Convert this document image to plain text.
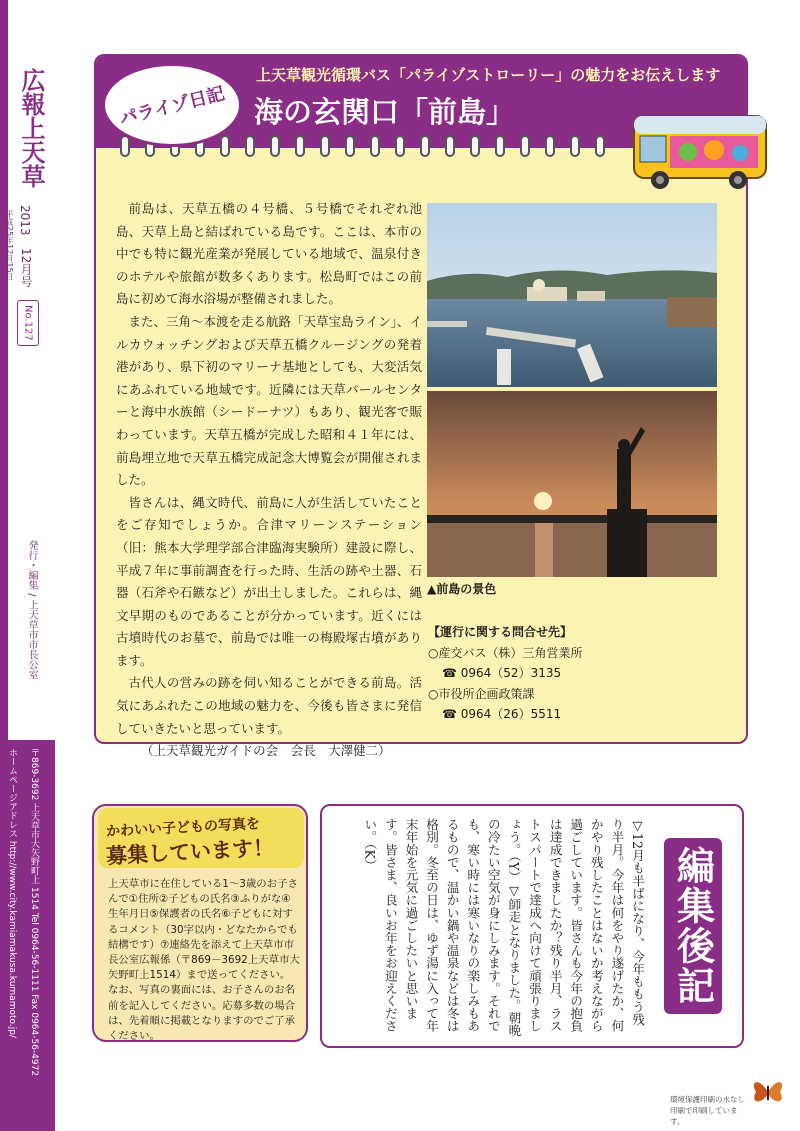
広報上天草
2013
12月号
平成25年12月15日
No.127
発行・編集 / 上天草市市長公室
〒869-3692 上天草市大矢野町上 1514 Tel 0964-56-1111 Fax 0964-56-4972
ホームページアドレス http://www.city.kamiamakusa.kumamoto.jp/
パライゾ日記
上天草観光循環バス「パライゾストローリー」の魅力をお伝えします
海の玄関口「前島」

前島は、天草五橋の４号橋、５号橋でそれぞれ池島、天草上島と結ばれている島です。ここは、本市の中でも特に観光産業が発展している地域で、温泉付きのホテルや旅館が数多くあります。松島町ではこの前島に初めて海水浴場が整備されました。

また、三角～本渡を走る航路「天草宝島ライン」、イルカウォッチングおよび天草五橋クルージングの発着港があり、県下初のマリーナ基地としても、大変活気にあふれている地域です。近隣には天草パールセンターと海中水族館（シードーナツ）もあり、観光客で賑わっています。天草五橋が完成した昭和４１年には、前島埋立地で天草五橋完成記念大博覧会が開催されました。

皆さんは、縄文時代、前島に人が生活していたことをご存知でしょうか。合津マリーンステーション（旧：熊本大学理学部合津臨海実験所）建設に際し、平成７年に事前調査を行った時、生活の跡や土器、石器（石斧や石鏃など）が出土しました。これらは、縄文早期のものであることが分かっています。近くには古墳時代のお墓で、前島では唯一の梅殿塚古墳があります。

古代人の営みの跡を伺い知ることができる前島。活気にあふれたこの地域の魅力を、今後も皆さまに発信していきたいと思っています。

（上天草観光ガイドの会　会長　大澤健二）

▲前島の景色
【運行に関する問合せ先】
○産交バス（株）三角営業所
☎ 0964（52）3135
○市役所企画政策課
☎ 0964（26）5511
かわいい子どもの写真を
募集しています！
上天草市に在住している1～3歳のお子さんで①住所②子どもの氏名③ふりがな④生年月日⑤保護者の氏名⑥子どもに対するコメント（30字以内・どなたからでも結構です）⑦連絡先を添えて上天草市市長公室広報係（〒869－3692上天草市大矢野町上1514）まで送ってください。なお、写真の裏面には、お子さんのお名前を記入してください。応募多数の場合は、先着順に掲載となりますのでご了承ください。
▽12月も半ばになり、今年ももう残り半月。今年は何をやり遂げたか、何かやり残したことはないか考えながら過ごしています。皆さんも今年の抱負は達成できましたか？残り半月、ラストスパートで達成へ向けて頑張りましょう。（Y）▽師走となりました。朝晩の冷たい空気が身にしみます。それでも、寒い時には寒いなりの楽しみもあるもので、温かい鍋や温泉などは冬は格別。冬至の日は、ゆず湯に入って年末年始を元気に過ごしたいと思います。皆さま、良いお年をお迎えください。（K）
編集後記
環境保護印刷の水なし印刷で印刷しています。
